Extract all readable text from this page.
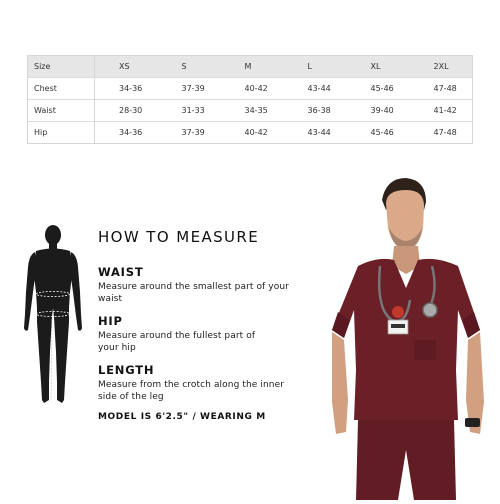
Size	XS	S	M	L	XL	2XL
Chest	34-36	37-39	40-42	43-44	45-46	47-48
Waist	28-30	31-33	34-35	36-38	39-40	41-42
Hip	34-36	37-39	40-42	43-44	45-46	47-48
HOW TO MEASURE
WAIST

Measure around the smallest part of your
waist

HIP

Measure around the fullest part of
your hip

LENGTH

Measure from the crotch along the inner
side of the leg

MODEL IS 6'2.5" / WEARING M
